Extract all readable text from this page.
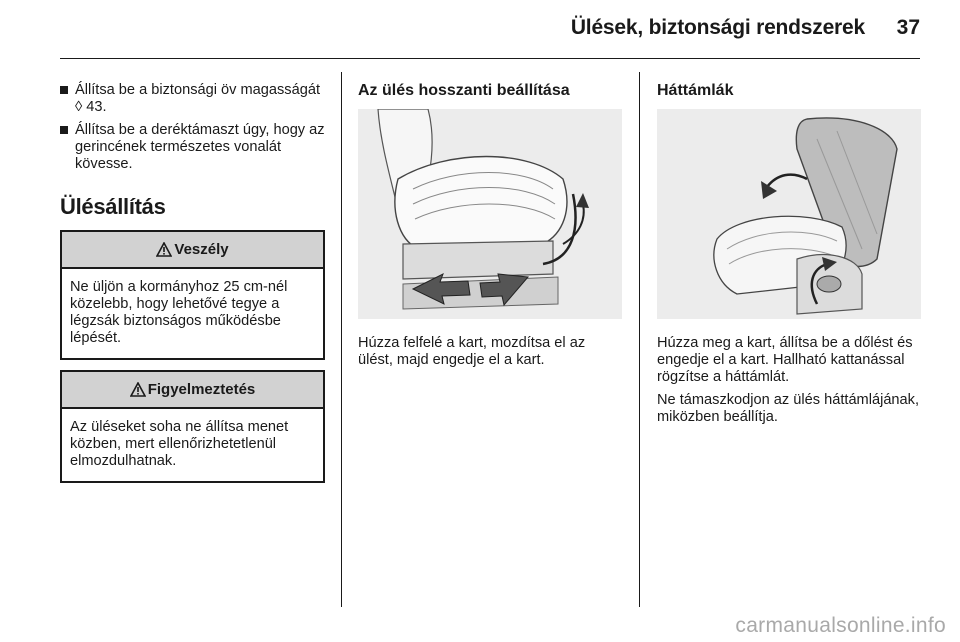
Ülések, biztonsági rendszerek	37
Állítsa be a biztonsági öv magasságát ◊ 43.
Állítsa be a deréktámaszt úgy, hogy az gerincének természetes vonalát kövesse.
Ülésállítás
Veszély
Ne üljön a kormányhoz 25 cm-nél közelebb, hogy lehetővé tegye a légzsák biztonságos működésbe lépését.
Figyelmeztetés
Az üléseket soha ne állítsa menet közben, mert ellenőrizhetetlenül elmozdulhatnak.
Az ülés hosszanti beállítása
Húzza felfelé a kart, mozdítsa el az ülést, majd engedje el a kart.
Háttámlák
Húzza meg a kart, állítsa be a dőlést és engedje el a kart. Hallható kattanással rögzítse a háttámlát.
Ne támaszkodjon az ülés háttámlájának, miközben beállítja.
carmanualsonline.info
